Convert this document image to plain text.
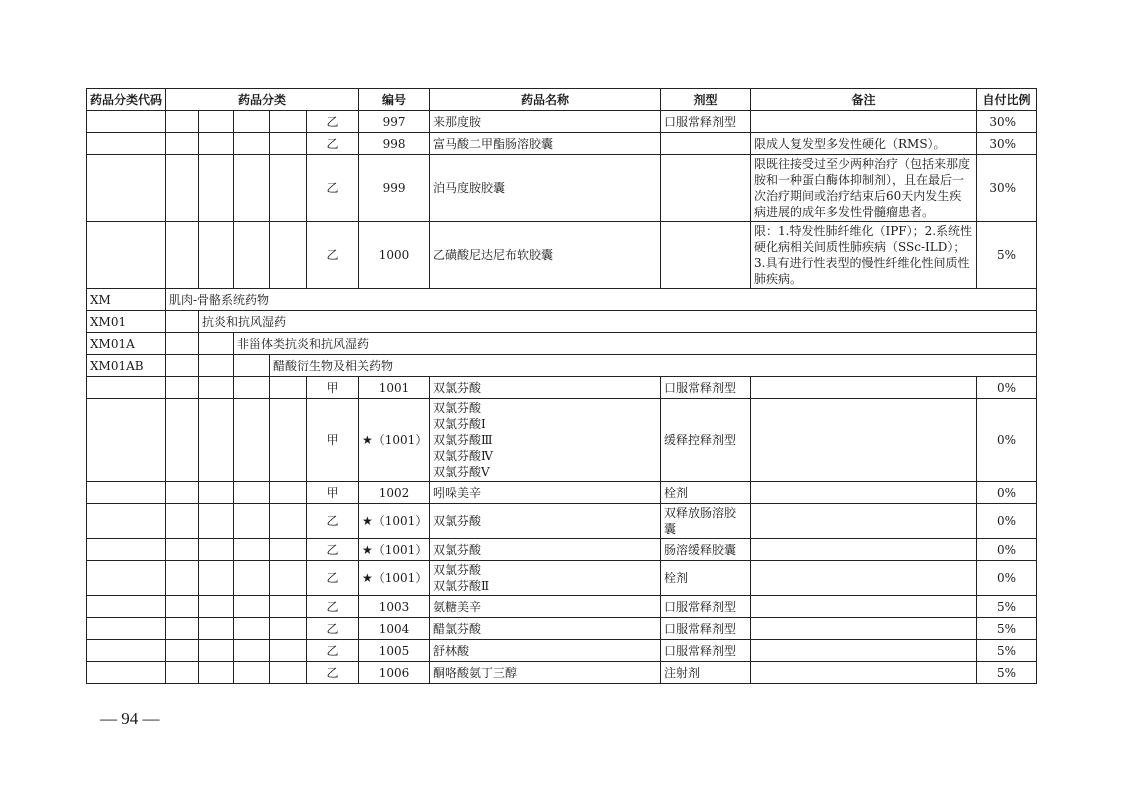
药品分类代码	药品分类					编号	药品名称	剂型	备注	自付比例
					乙	997	来那度胺	口服常释剂型		30%
					乙	998	富马酸二甲酯肠溶胶囊		限成人复发型多发性硬化（RMS）。	30%
					乙	999	泊马度胺胶囊		限既往接受过至少两种治疗（包括来那度胺和一种蛋白酶体抑制剂），且在最后一次治疗期间或治疗结束后60天内发生疾病进展的成年多发性骨髓瘤患者。	30%
					乙	1000	乙磺酸尼达尼布软胶囊		限：1.特发性肺纤维化（IPF）；2.系统性硬化病相关间质性肺疾病（SSc-ILD）；3.具有进行性表型的慢性纤维化性间质性肺疾病。	5%
XM	肌肉-骨骼系统药物									
XM01		抗炎和抗风湿药								
XM01A			非甾体类抗炎和抗风湿药							
XM01AB				醋酸衍生物及相关药物						
					甲	1001	双氯芬酸	口服常释剂型		0%
					甲	★（1001）	双氯芬酸
双氯芬酸Ⅰ
双氯芬酸Ⅲ
双氯芬酸Ⅳ
双氯芬酸Ⅴ	缓释控释剂型		0%
					甲	1002	吲哚美辛	栓剂		0%
					乙	★（1001）	双氯芬酸	双释放肠溶胶囊		0%
					乙	★（1001）	双氯芬酸	肠溶缓释胶囊		0%
					乙	★（1001）	双氯芬酸
双氯芬酸Ⅱ	栓剂		0%
					乙	1003	氨糖美辛	口服常释剂型		5%
					乙	1004	醋氯芬酸	口服常释剂型		5%
					乙	1005	舒林酸	口服常释剂型		5%
					乙	1006	酮咯酸氨丁三醇	注射剂		5%
— 94 —
